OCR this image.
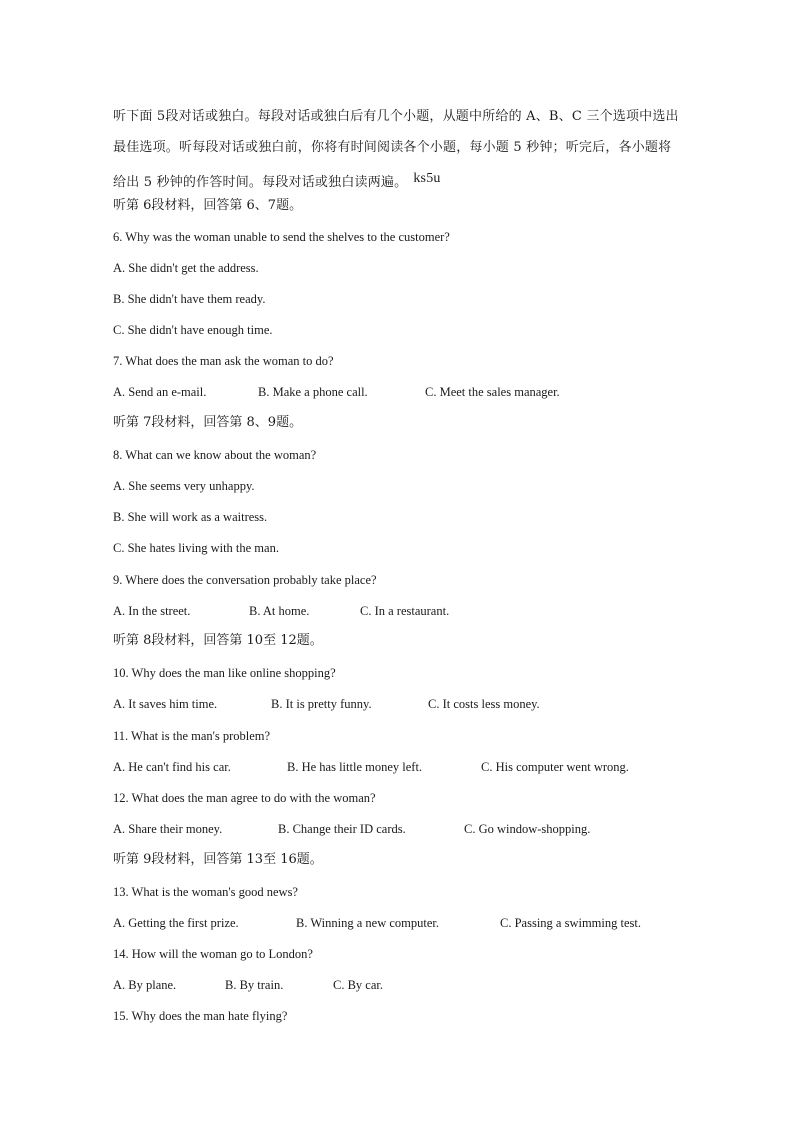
听下面 5段对话或独白。每段对话或独白后有几个小题，从题中所给的 A、B、C 三个选项中选出最佳选项。听每段对话或独白前，你将有时间阅读各个小题，每小题 5 秒钟；听完后，各小题将给出 5 秒钟的作答时间。每段对话或独白读两遍。 ks5u
听第 6段材料，回答第 6、7题。
6. Why was the woman unable to send the shelves to the customer?
A. She didn't get the address.
B. She didn't have them ready.
C. She didn't have enough time.
7. What does the man ask the woman to do?
A. Send an e-mail.	B. Make a phone call.	C. Meet the sales manager.
听第 7段材料，回答第 8、9题。
8. What can we know about the woman?
A. She seems very unhappy.
B. She will work as a waitress.
C. She hates living with the man.
9. Where does the conversation probably take place?
A. In the street.	B. At home.	C. In a restaurant.
听第 8段材料，回答第 10至 12题。
10. Why does the man like online shopping?
A. It saves him time.	B. It is pretty funny.	C. It costs less money.
11. What is the man's problem?
A. He can't find his car.	B. He has little money left.	C. His computer went wrong.
12. What does the man agree to do with the woman?
A. Share their money.	B. Change their ID cards.	C. Go window-shopping.
听第 9段材料，回答第 13至 16题。
13. What is the woman's good news?
A. Getting the first prize.	B. Winning a new computer.	C. Passing a swimming test.
14. How will the woman go to London?
A. By plane.	B. By train.	C. By car.
15. Why does the man hate flying?
